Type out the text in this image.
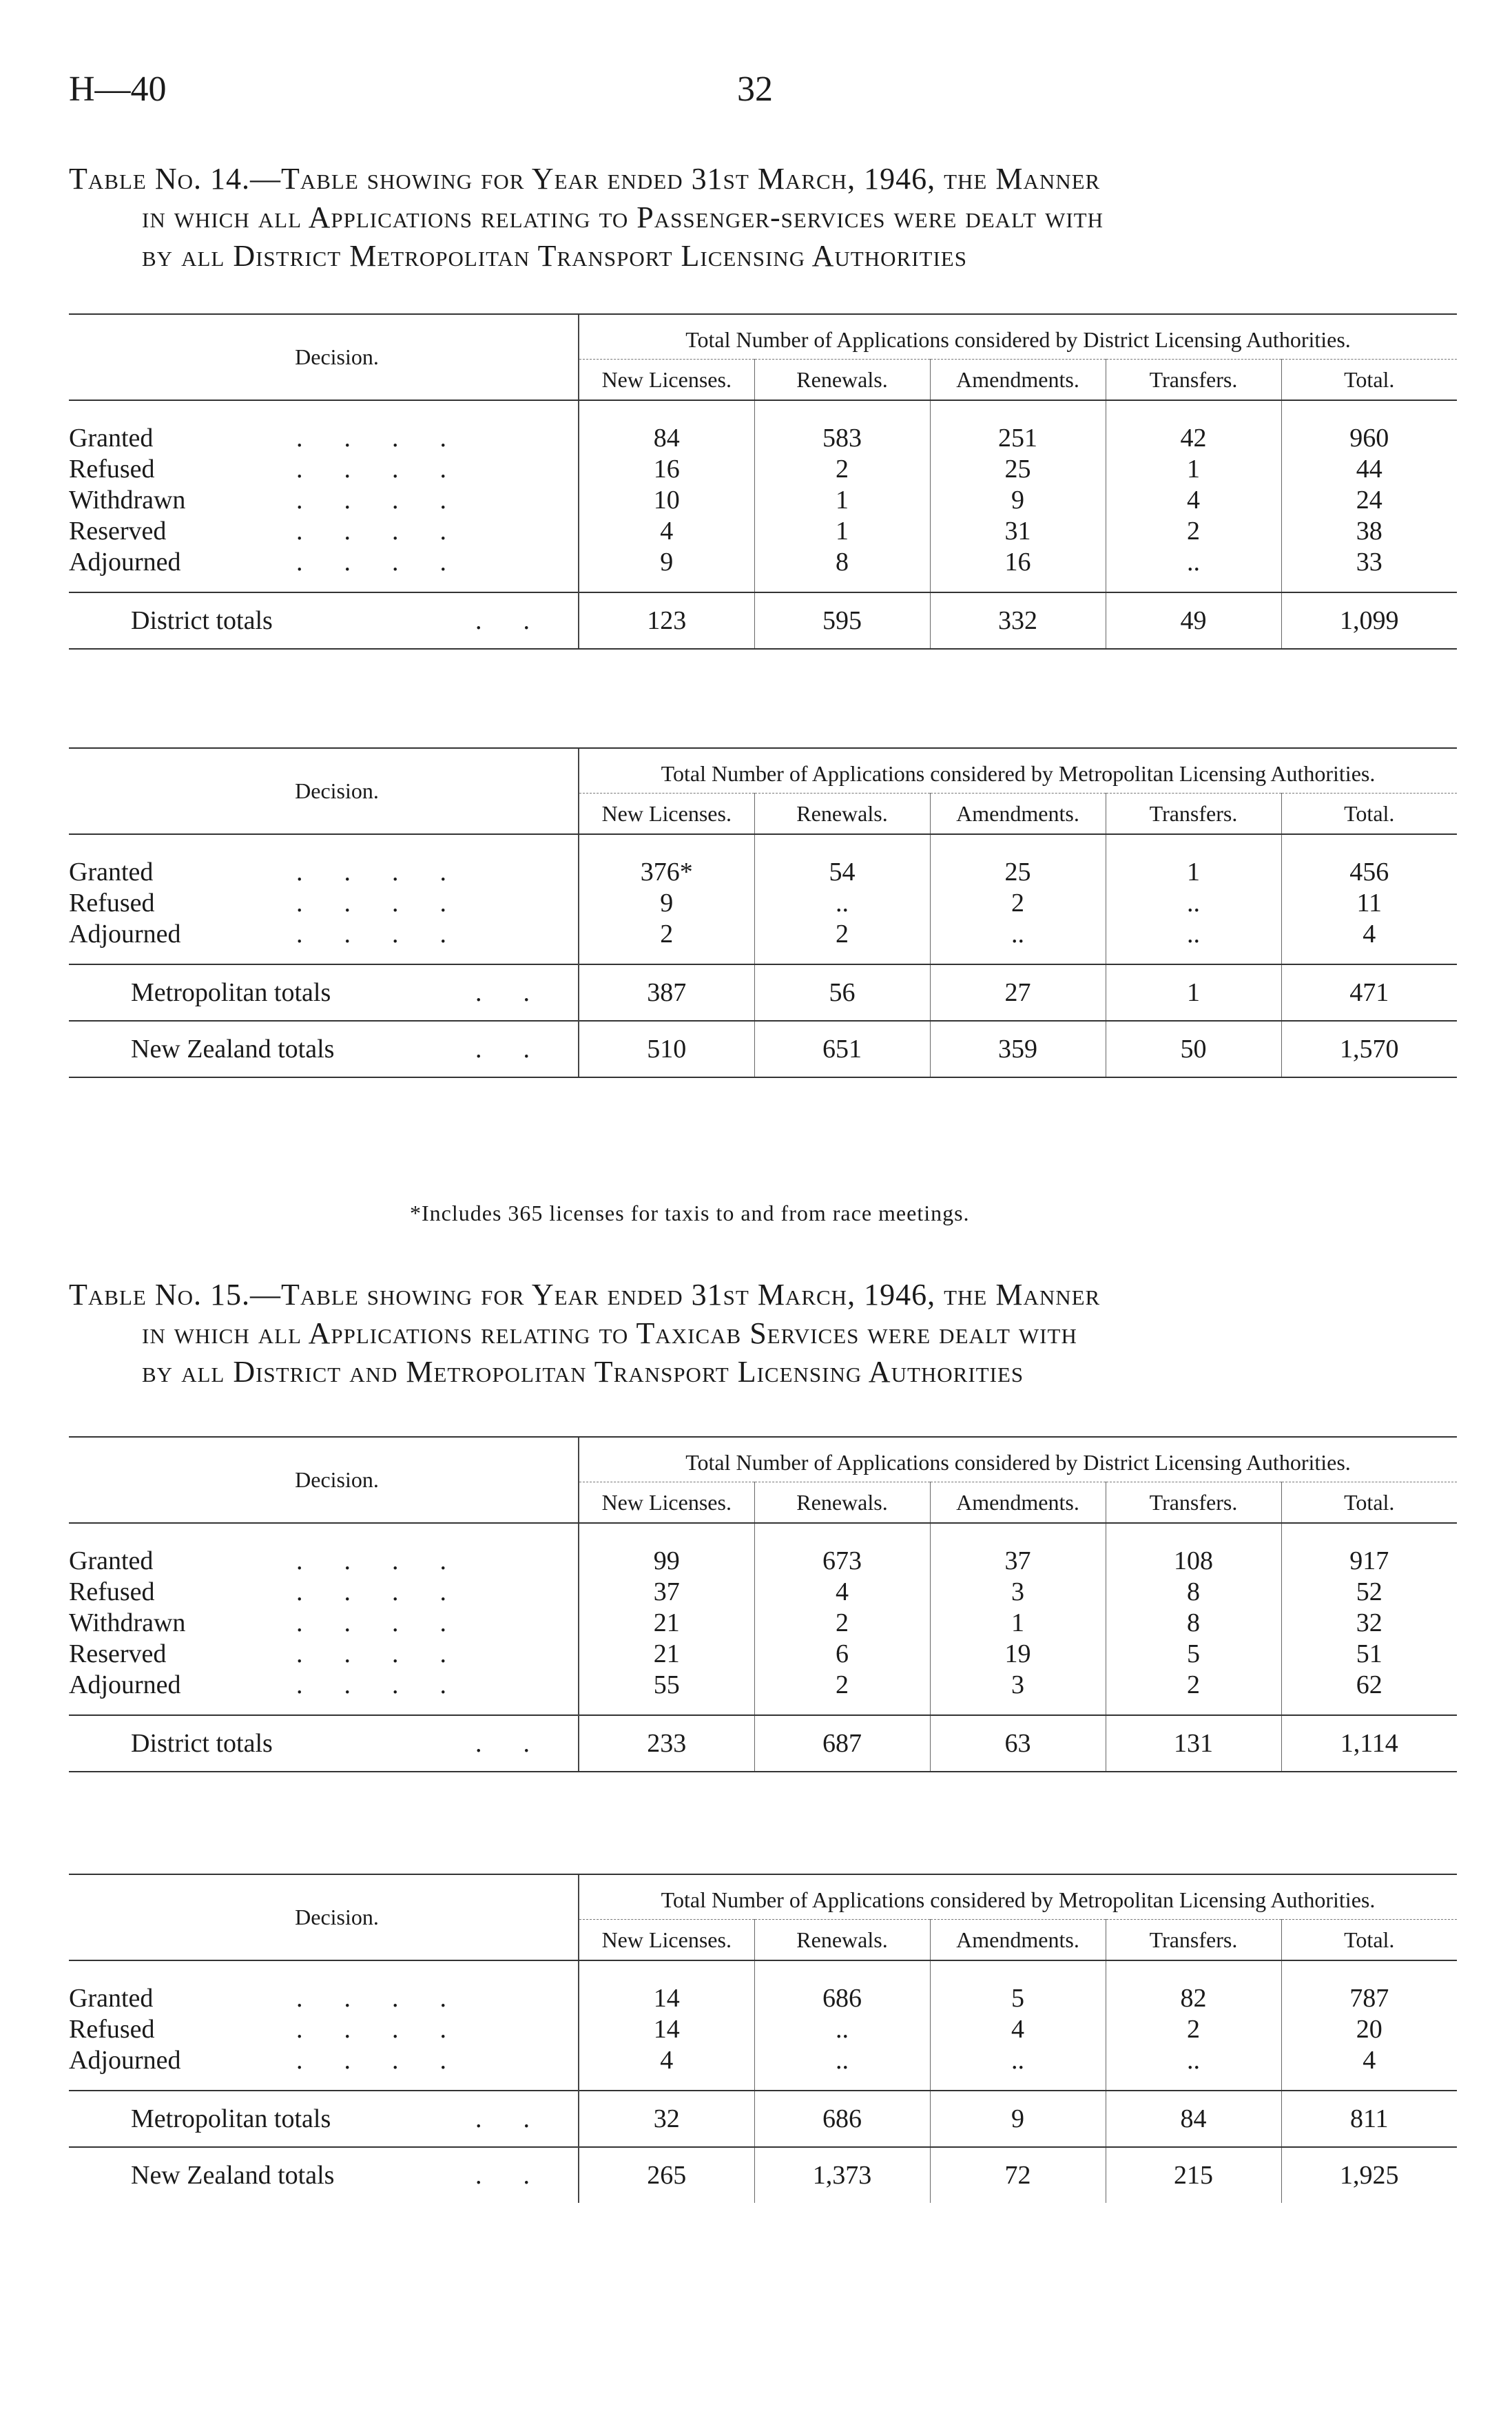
H—40	32
Table No. 14.—Table showing for Year ended 31st March, 1946, the Manner
in which all Applications relating to Passenger-services were dealt with
by all District Metropolitan Transport Licensing Authorities
Decision.	Total Number of Applications considered by District Licensing Authorities.				
	New Licenses.	Renewals.	Amendments.	Transfers.	Total.

Granted ....	84	583	251	42	960
Refused ....	16	2	25	1	44
Withdrawn ....	10	1	9	4	24
Reserved ....	4	1	31	2	38
Adjourned ....	9	8	16	..	33

District totals ..	123	595	332	49	1,099
Decision.	Total Number of Applications considered by Metropolitan Licensing Authorities.				
	New Licenses.	Renewals.	Amendments.	Transfers.	Total.

Granted ....	376*	54	25	1	456
Refused ....	9	..	2	..	11
Adjourned ....	2	2	..	..	4

Metropolitan totals ..	387	56	27	1	471
New Zealand totals ..	510	651	359	50	1,570
*Includes 365 licenses for taxis to and from race meetings.
Table No. 15.—Table showing for Year ended 31st March, 1946, the Manner
in which all Applications relating to Taxicab Services were dealt with
by all District and Metropolitan Transport Licensing Authorities
Decision.	Total Number of Applications considered by District Licensing Authorities.				
	New Licenses.	Renewals.	Amendments.	Transfers.	Total.

Granted ....	99	673	37	108	917
Refused ....	37	4	3	8	52
Withdrawn ....	21	2	1	8	32
Reserved ....	21	6	19	5	51
Adjourned ....	55	2	3	2	62

District totals ..	233	687	63	131	1,114
Decision.	Total Number of Applications considered by Metropolitan Licensing Authorities.				
	New Licenses.	Renewals.	Amendments.	Transfers.	Total.

Granted ....	14	686	5	82	787
Refused ....	14	..	4	2	20
Adjourned ....	4	..	..	..	4

Metropolitan totals ..	32	686	9	84	811
New Zealand totals ..	265	1,373	72	215	1,925
